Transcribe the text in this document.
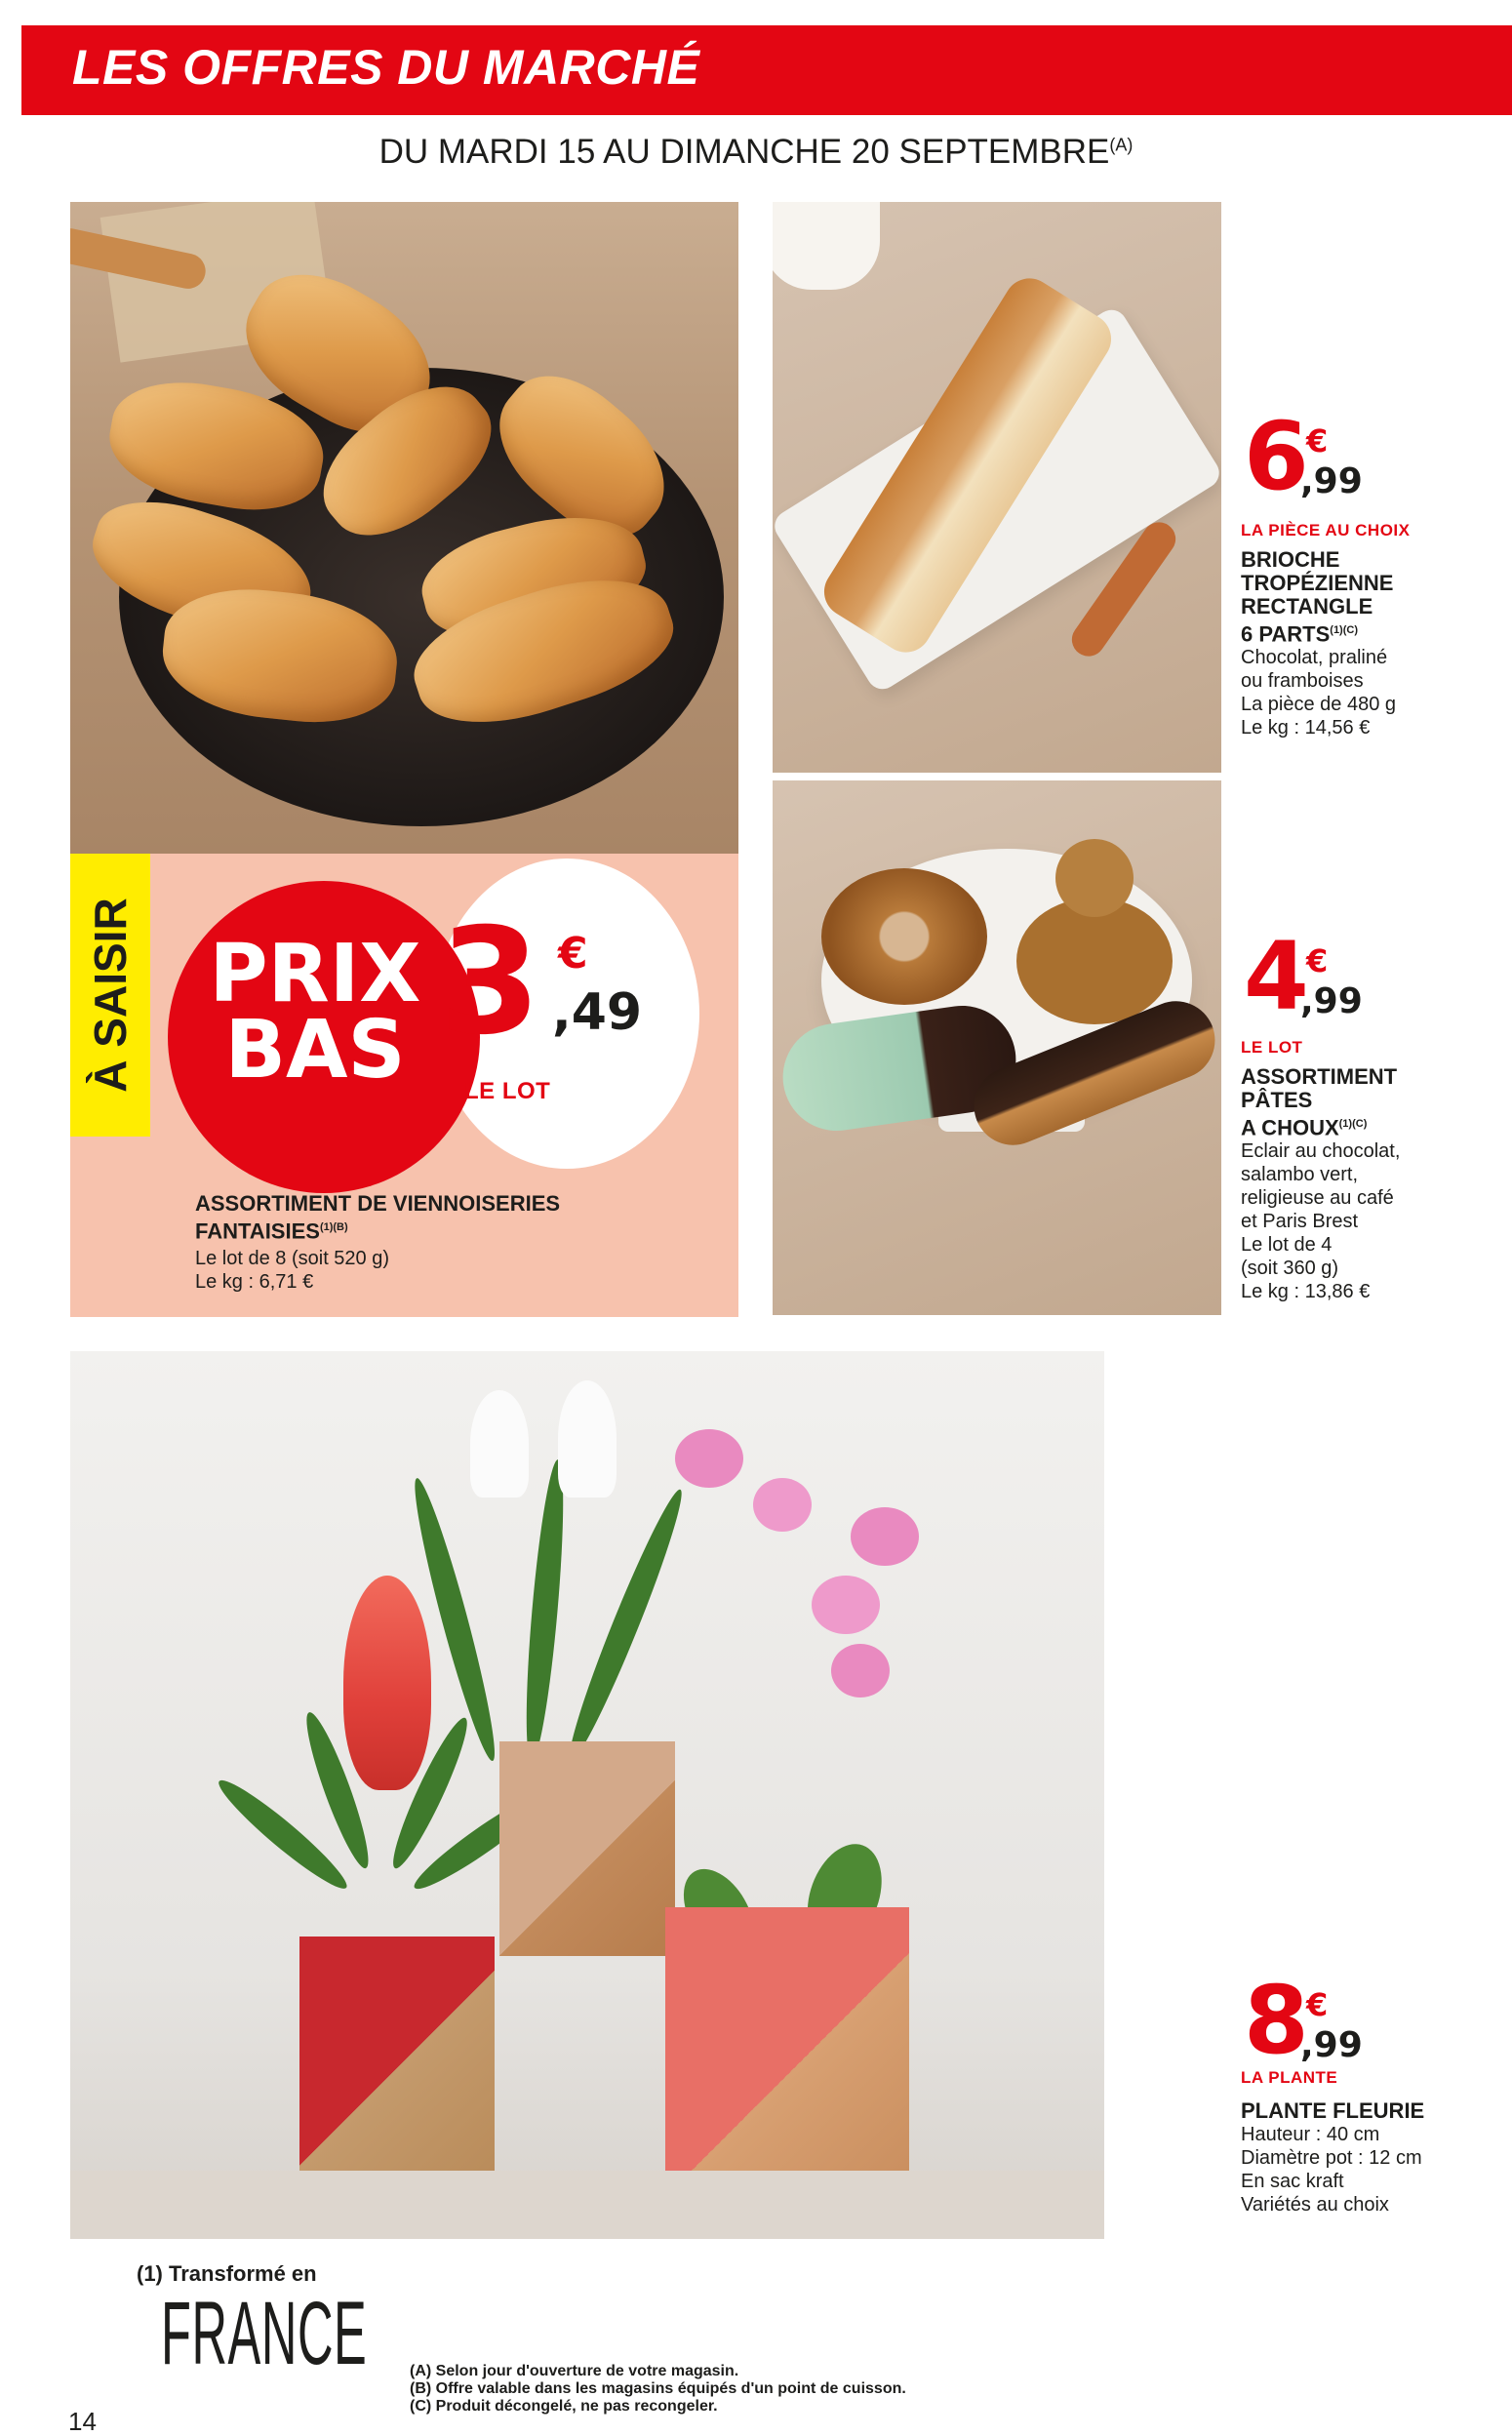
LES OFFRES DU MARCHÉ
DU MARDI 15 AU DIMANCHE 20 $SEPTEMBRE^{(A)}$
À SAISIR PRIX BAS 3 €
,49
LE LOT
ASSORTIMENT DE VIENNOISERIES $FANTAISIES^{(1)(B)}$
Le lot de 8 (soit 520 g)
Le kg : 6,71 €
6
€
,99
LA PIÈCE AU CHOIX
BRIOCHE
TROPÉZIENNE
RECTANGLE
6 $PARTS^{(1)(C)}$
Chocolat, praliné
ou framboises
La pièce de 480 g
Le kg : 14,56 €
4
€
,99
LE LOT
ASSORTIMENT
PÂTES
A $CHOUX^{(1)(C)}$
Eclair au chocolat,
salambo vert,
religieuse au café
et Paris Brest
Le lot de 4
(soit 360 g)
Le kg : 13,86 €
8
€
,99
LA PLANTE
PLANTE FLEURIE
Hauteur : 40 cm
Diamètre pot : 12 cm
En sac kraft
Variétés au choix
(1) Transformé en
FRANCE	(A) Selon jour d'ouverture de votre magasin.
(B) Offre valable dans les magasins équipés d'un point de cuisson.
(C) Produit décongelé, ne pas recongeler.
14
